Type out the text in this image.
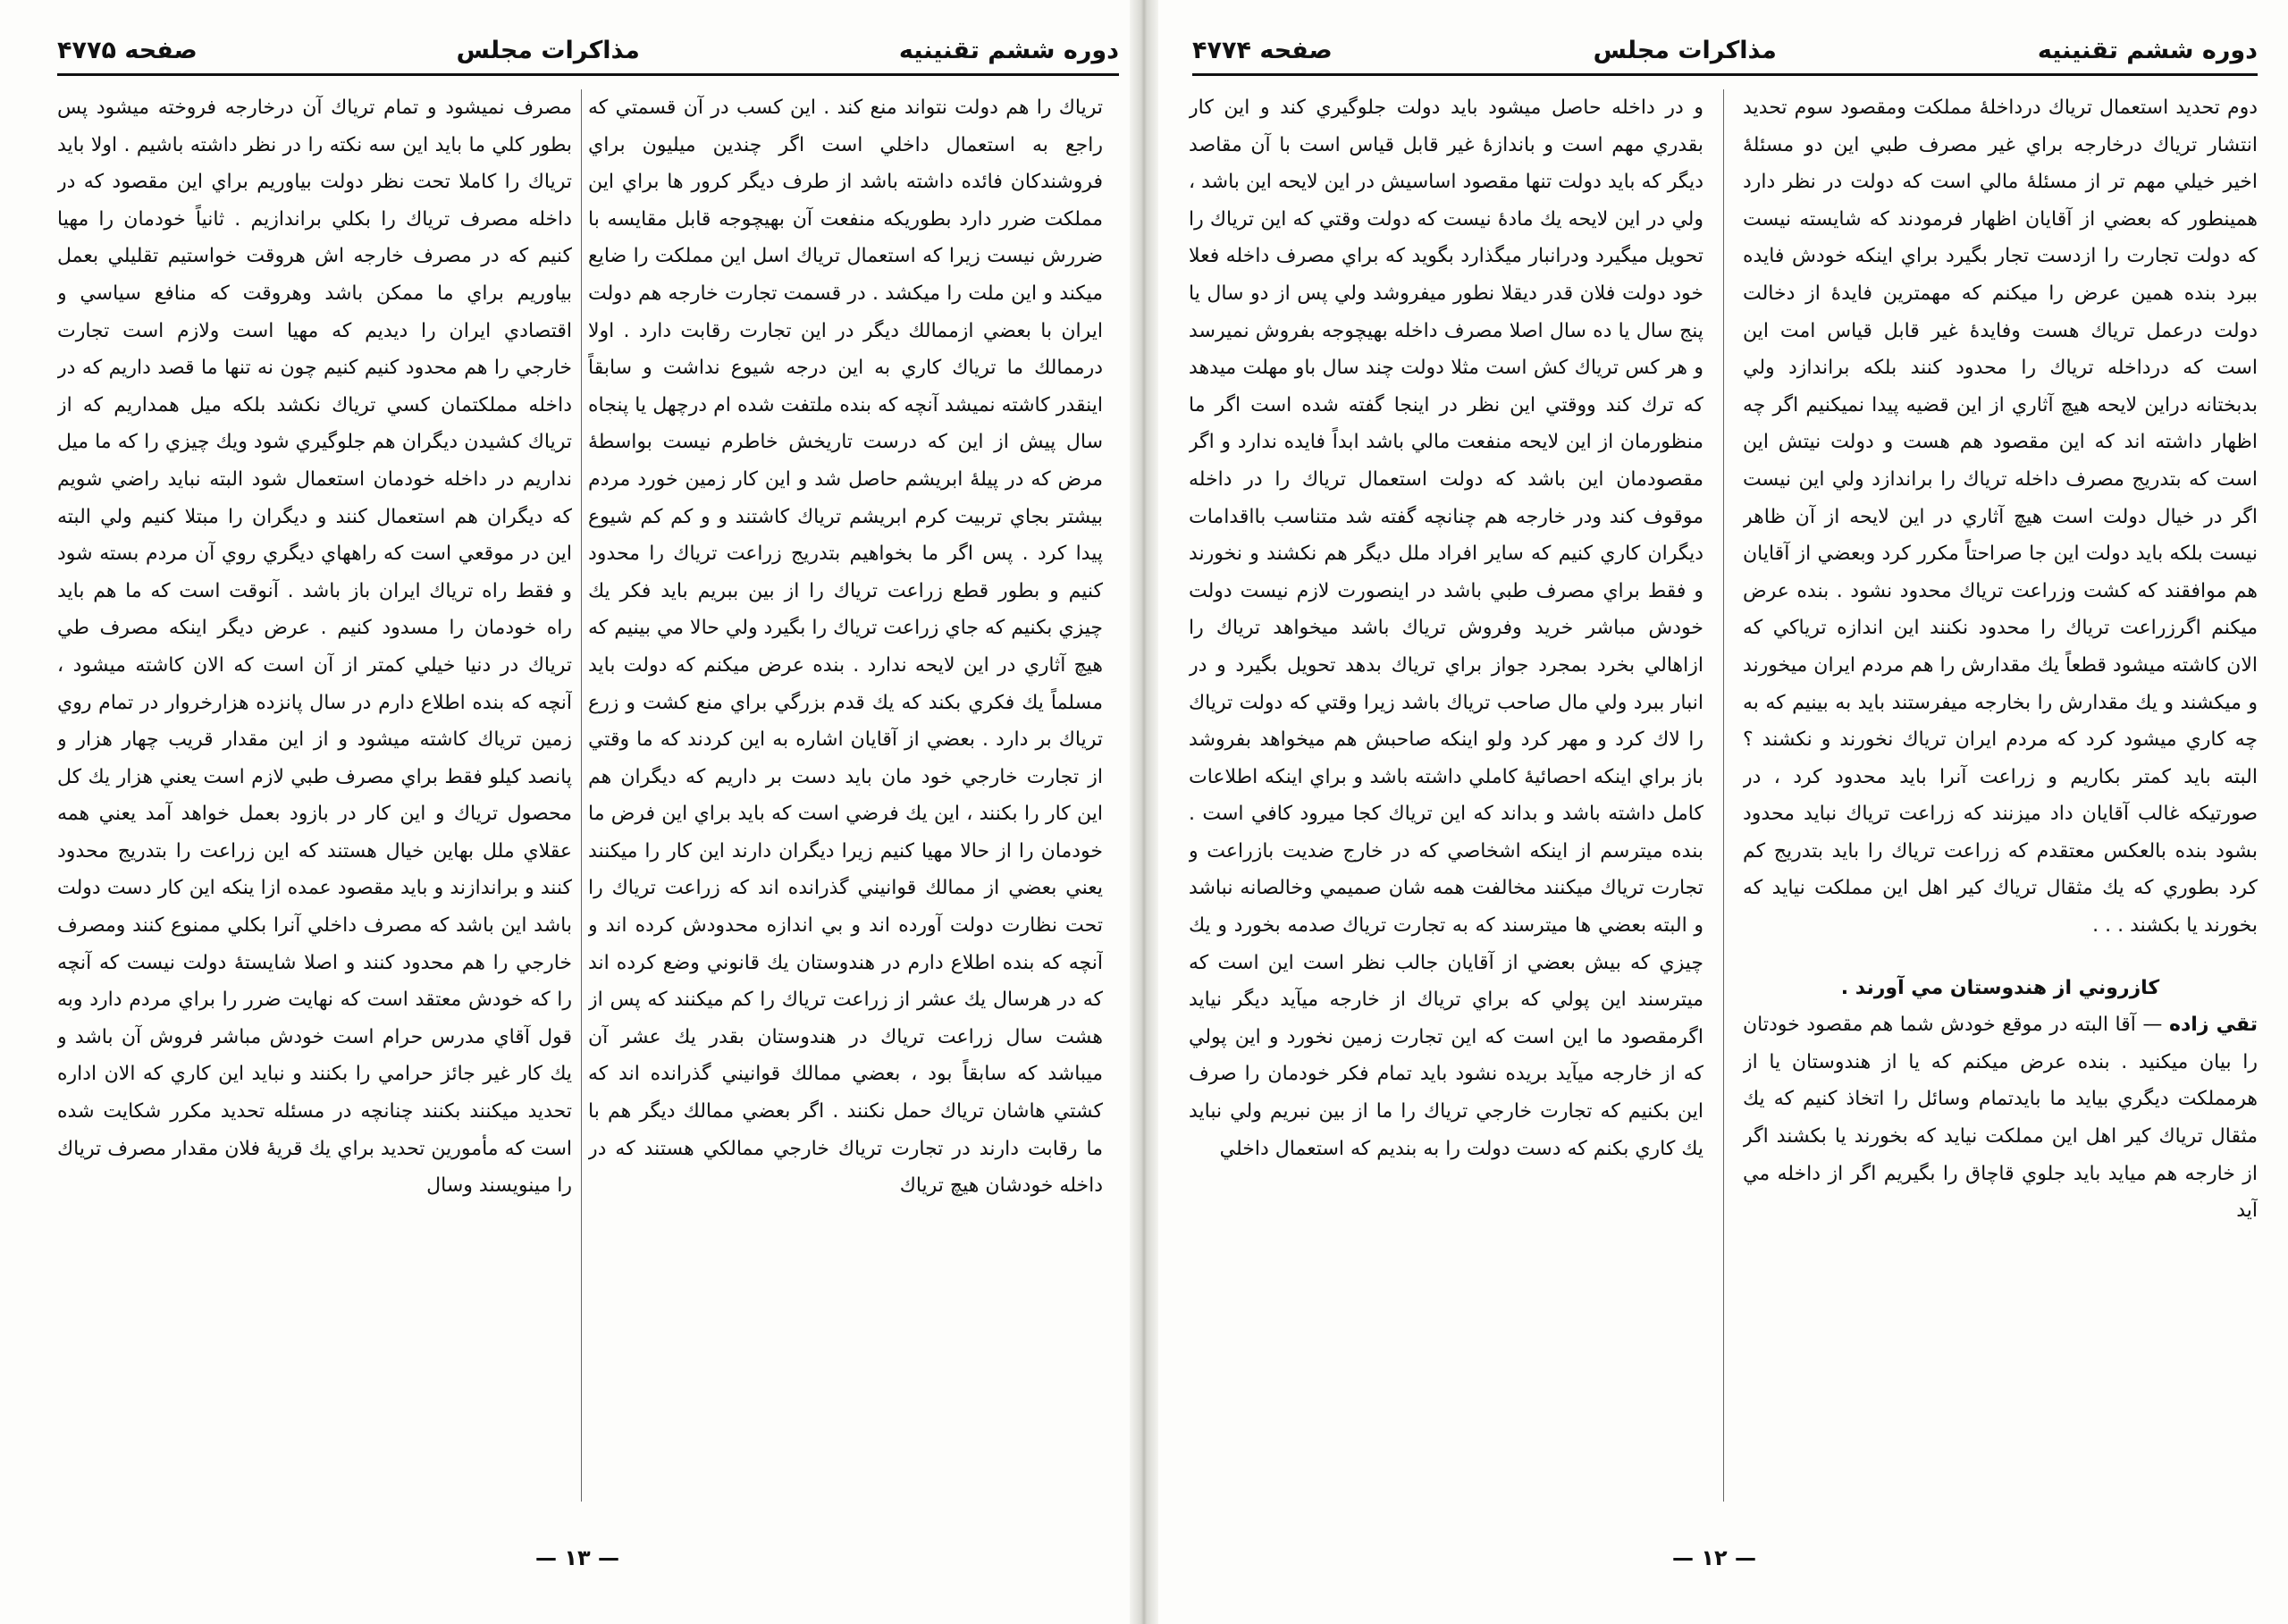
دوره ششم تقنينيه
مذاکرات مجلس
صفحه ۴۷۷۵

ترياك را هم دولت نتواند منع كند . اين كسب در آن قسمتي كه راجع به استعمال داخلي است اگر چندين ميليون براي فروشندكان فائده داشته باشد از طرف ديگر كرور ها براي اين مملكت ضرر دارد بطوريكه منفعت آن بهيچوجه قابل مقايسه با ضررش نيست زيرا كه استعمال ترياك اسل اين مملكت را ضايع ميكند و اين ملت را ميكشد . در قسمت تجارت خارجه هم دولت ايران با بعضي ازممالك ديگر در اين تجارت رقابت دارد . اولا درممالك ما ترياك كاري به اين درجه شيوع نداشت و سابقاً اينقدر كاشته نميشد آنچه كه بنده ملتفت شده ام درچهل يا پنجاه سال پيش از اين كه درست تاريخش خاطرم نيست بواسطهٔ مرض كه در پيلهٔ ابريشم حاصل شد و اين كار زمين خورد مردم بيشتر بجاي تربيت كرم ابريشم ترياك كاشتند و و كم كم شيوع پيدا كرد . پس اگر ما بخواهيم بتدريج زراعت ترياك را محدود كنيم و بطور قطع زراعت ترياك را از بين ببريم بايد فكر يك چيزي بكنيم كه جاي زراعت ترياك را بگيرد ولي حالا مي بينيم كه هيچ آثاري در اين لايحه ندارد . بنده عرض ميكنم كه دولت بايد مسلماً يك فكري بكند كه يك قدم بزرگي براي منع كشت و زرع ترياك بر دارد . بعضي از آقايان اشاره به اين كردند كه ما وقتي از تجارت خارجي خود مان بايد دست بر داريم كه ديگران هم اين كار را بكنند ، اين يك فرضي است كه بايد براي اين فرض ما خودمان را از حالا مهيا كنيم زيرا ديگران دارند اين كار را ميكنند يعني بعضي از ممالك قوانيني گذرانده اند كه زراعت ترياك را تحت نظارت دولت آورده اند و بي اندازه محدودش كرده اند و آنچه كه بنده اطلاع دارم در هندوستان يك قانوني وضع كرده اند كه در هرسال يك عشر از زراعت ترياك را كم ميكنند كه پس از هشت سال زراعت ترياك در هندوستان بقدر يك عشر آن ميباشد كه سابقاً بود ، بعضي ممالك قوانيني گذرانده اند كه كشتي هاشان ترياك حمل نكنند . اگر بعضي ممالك ديگر هم با ما رقابت دارند در تجارت ترياك خارجي ممالكي هستند كه در داخله خودشان هيچ ترياك

مصرف نميشود و تمام ترياك آن درخارجه فروخته ميشود پس بطور كلي ما بايد اين سه نكته را در نظر داشته باشيم . اولا بايد ترياك را كاملا تحت نظر دولت بياوريم براي اين مقصود كه در داخله مصرف ترياك را بكلي براندازيم . ثانياً خودمان را مهيا كنيم كه در مصرف خارجه اش هروقت خواستيم تقليلي بعمل بياوريم براي ما ممكن باشد وهروقت كه منافع سياسي و اقتصادي ايران را ديديم كه مهيا است ولازم است تجارت خارجي را هم محدود كنيم كنيم چون نه تنها ما قصد داريم كه در داخله مملكتمان كسي ترياك نكشد بلكه ميل همداريم كه از ترياك كشيدن ديگران هم جلوگيري شود ويك چيزي را كه ما ميل نداريم در داخله خودمان استعمال شود البته نبايد راضي شويم كه ديگران هم استعمال كنند و ديگران را مبتلا كنيم ولي البته اين در موقعي است كه راههاي ديگري روي آن مردم بسته شود و فقط راه ترياك ايران باز باشد . آنوقت است كه ما هم بايد راه خودمان را مسدود كنيم . عرض ديگر اينكه مصرف طي ترياك در دنيا خيلي كمتر از آن است كه الان كاشته ميشود ، آنچه كه بنده اطلاع دارم در سال پانزده هزارخروار در تمام روي زمين ترياك كاشته ميشود و از اين مقدار قريب چهار هزار و پانصد كيلو فقط براي مصرف طبي لازم است يعني هزار يك كل محصول ترياك و اين كار در بازود بعمل خواهد آمد يعني همه عقلاي ملل بهاين خيال هستند كه اين زراعت را بتدريج محدود كنند و براندازند و بايد مقصود عمده ازا ينكه اين كار دست دولت باشد اين باشد كه مصرف داخلي آنرا بكلي ممنوع كنند ومصرف خارجي را هم محدود كنند و اصلا شايستهٔ دولت نيست كه آنچه را كه خودش معتقد است كه نهايت ضرر را براي مردم دارد وبه قول آقاي مدرس حرام است خودش مباشر فروش آن باشد و يك كار غير جائز حرامي را بكنند و نبايد اين كاري كه الان اداره تحديد ميكنند بكنند چنانچه در مسئله تحديد مكرر شكايت شده است كه مأمورين تحديد براي يك قريهٔ فلان مقدار مصرف ترياك را مينويسند وسال

— ١٣ —
دوره ششم تقنينيه
مذاکرات مجلس
صفحه ۴۷۷۴

دوم تحديد استعمال ترياك درداخلهٔ مملكت ومقصود سوم تحديد انتشار ترياك درخارجه براي غير مصرف طبي اين دو مسئلهٔ اخير خيلي مهم تر از مسئلهٔ مالي است كه دولت در نظر دارد همينطور كه بعضي از آقايان اظهار فرمودند كه شايسته نيست كه دولت تجارت را ازدست تجار بگيرد براي اينكه خودش فايده ببرد بنده همين عرض را ميكنم كه مهمترين فايدهٔ از دخالت دولت درعمل ترياك هست وفايدهٔ غير قابل قياس امت اين است كه درداخله ترياك را محدود كنند بلكه براندازد ولي بدبختانه دراين لايحه هيچ آثاري از اين قضيه پيدا نميكنيم اگر چه اظهار داشته اند كه اين مقصود هم هست و دولت نيتش اين است كه بتدريج مصرف داخله ترياك را براندازد ولي اين نيست اگر در خيال دولت است هيچ آثاري در اين لايحه از آن ظاهر نيست بلكه بايد دولت اين جا صراحتاً مكرر كرد وبعضي از آقايان هم موافقند كه كشت وزراعت ترياك محدود نشود . بنده عرض ميكنم اگرزراعت ترياك را محدود نكنند اين اندازه ترياكي كه الان كاشته ميشود قطعاً يك مقدارش را هم مردم ايران ميخورند و ميكشند و يك مقدارش را بخارجه ميفرستند بايد به بينيم كه به چه كاري ميشود كرد كه مردم ايران ترياك نخورند و نكشند ؟ البته بايد كمتر بكاريم و زراعت آنرا بايد محدود كرد ، در صورتيكه غالب آقايان داد ميزنند كه زراعت ترياك نبايد محدود بشود بنده بالعكس معتقدم كه زراعت ترياك را بايد بتدريج كم كرد بطوري كه يك مثقال ترياك كير اهل اين مملكت نيايد كه بخورند يا بكشند . . .

كازروني از هندوستان مي آورند .

تقي زاده — آقا البته در موقع خودش شما هم مقصود خودتان را بيان ميكنيد . بنده عرض ميكنم كه يا از هندوستان يا از هرمملكت ديگري بيايد ما بايدتمام وسائل را اتخاذ كنيم كه يك مثقال ترياك كير اهل اين مملكت نيايد كه بخورند يا بكشند اگر از خارجه هم ميايد بايد جلوي قاچاق را بگيريم اگر از داخله مي آيد

و در داخله حاصل ميشود بايد دولت جلوگيري كند و اين كار بقدري مهم است و باندازهٔ غير قابل قياس است با آن مقاصد ديگر كه بايد دولت تنها مقصود اساسيش در اين لايحه اين باشد ، ولي در اين لايحه يك مادهٔ نيست كه دولت وقتي كه اين ترياك را تحويل ميگيرد ودرانبار ميگذارد بگويد كه براي مصرف داخله فعلا خود دولت فلان قدر ديقلا نطور ميفروشد ولي پس از دو سال يا پنج سال يا ده سال اصلا مصرف داخله بهيچوجه بفروش نميرسد و هر كس ترياك كش است مثلا دولت چند سال باو مهلت ميدهد كه ترك كند ووقتي اين نظر در اينجا گفته شده است اگر ما منظورمان از اين لايحه منفعت مالي باشد ابداً فايده ندارد و اگر مقصودمان اين باشد كه دولت استعمال ترياك را در داخله موقوف كند ودر خارجه هم چنانچه گفته شد متناسب بااقدامات ديگران كاري كنيم كه ساير افراد ملل ديگر هم نكشند و نخورند و فقط براي مصرف طبي باشد در اينصورت لازم نيست دولت خودش مباشر خريد وفروش ترياك باشد ميخواهد ترياك را ازاهالي بخرد بمجرد جواز براي ترياك بدهد تحويل بگيرد و در انبار ببرد ولي مال صاحب ترياك باشد زيرا وقتي كه دولت ترياك را لاك كرد و مهر كرد ولو اينكه صاحبش هم ميخواهد بفروشد باز براي اينكه احصائيهٔ كاملي داشته باشد و براي اينكه اطلاعات كامل داشته باشد و بداند كه اين ترياك كجا ميرود كافي است . بنده ميترسم از اينكه اشخاصي كه در خارج ضديت بازراعت و تجارت ترياك ميكنند مخالفت همه شان صميمي وخالصانه نباشد و البته بعضي ها ميترسند كه به تجارت ترياك صدمه بخورد و يك چيزي كه بيش بعضي از آقايان جالب نظر است اين است كه ميترسند اين پولي كه براي ترياك از خارجه ميآيد ديگر نيايد اگرمقصود ما اين است كه اين تجارت زمين نخورد و اين پولي كه از خارجه ميآيد بريده نشود بايد تمام فكر خودمان را صرف اين بكنيم كه تجارت خارجي ترياك را ما از بين نبريم ولي نبايد يك كاري بكنم كه دست دولت را به بنديم كه استعمال داخلي

— ١٢ —
